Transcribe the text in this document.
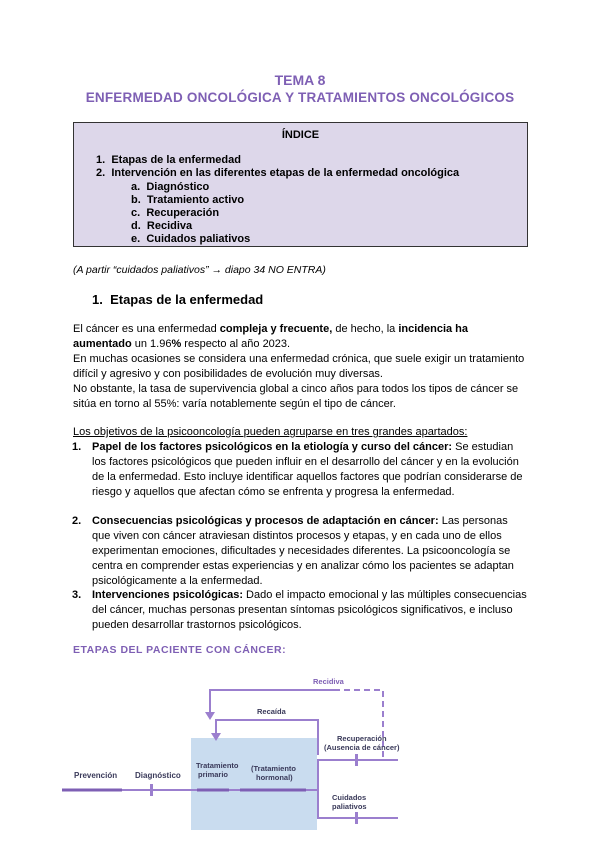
TEMA 8
ENFERMEDAD ONCOLÓGICA Y TRATAMIENTOS ONCOLÓGICOS
ÍNDICE
1. Etapas de la enfermedad
2. Intervención en las diferentes etapas de la enfermedad oncológica
a. Diagnóstico
b. Tratamiento activo
c. Recuperación
d. Recidiva
e. Cuidados paliativos
(A partir “cuidados paliativos” → diapo 34 NO ENTRA)
1. Etapas de la enfermedad
El cáncer es una enfermedad compleja y frecuente, de hecho, la incidencia ha aumentado un 1.96% respecto al año 2023.
En muchas ocasiones se considera una enfermedad crónica, que suele exigir un tratamiento difícil y agresivo y con posibilidades de evolución muy diversas.
No obstante, la tasa de supervivencia global a cinco años para todos los tipos de cáncer se sitúa en torno al 55%: varía notablemente según el tipo de cáncer.
Los objetivos de la psicooncología pueden agruparse en tres grandes apartados:
1. Papel de los factores psicológicos en la etiología y curso del cáncer: Se estudian los factores psicológicos que pueden influir en el desarrollo del cáncer y en la evolución de la enfermedad. Esto incluye identificar aquellos factores que podrían considerarse de riesgo y aquellos que afectan cómo se enfrenta y progresa la enfermedad.
2. Consecuencias psicológicas y procesos de adaptación en cáncer: Las personas que viven con cáncer atraviesan distintos procesos y etapas, y en cada uno de ellos experimentan emociones, dificultades y necesidades diferentes. La psicooncología se centra en comprender estas experiencias y en analizar cómo los pacientes se adaptan psicológicamente a la enfermedad.
3. Intervenciones psicológicas: Dado el impacto emocional y las múltiples consecuencias del cáncer, muchas personas presentan síntomas psicológicos significativos, e incluso pueden desarrollar trastornos psicológicos.
ETAPAS DEL PACIENTE CON CÁNCER:
Prevención Diagnóstico
Tratamiento
primario
(Tratamiento
hormonal)
Recidiva
Recaída
Recuperación
(Ausencia de cáncer)
Cuidados
paliativos
